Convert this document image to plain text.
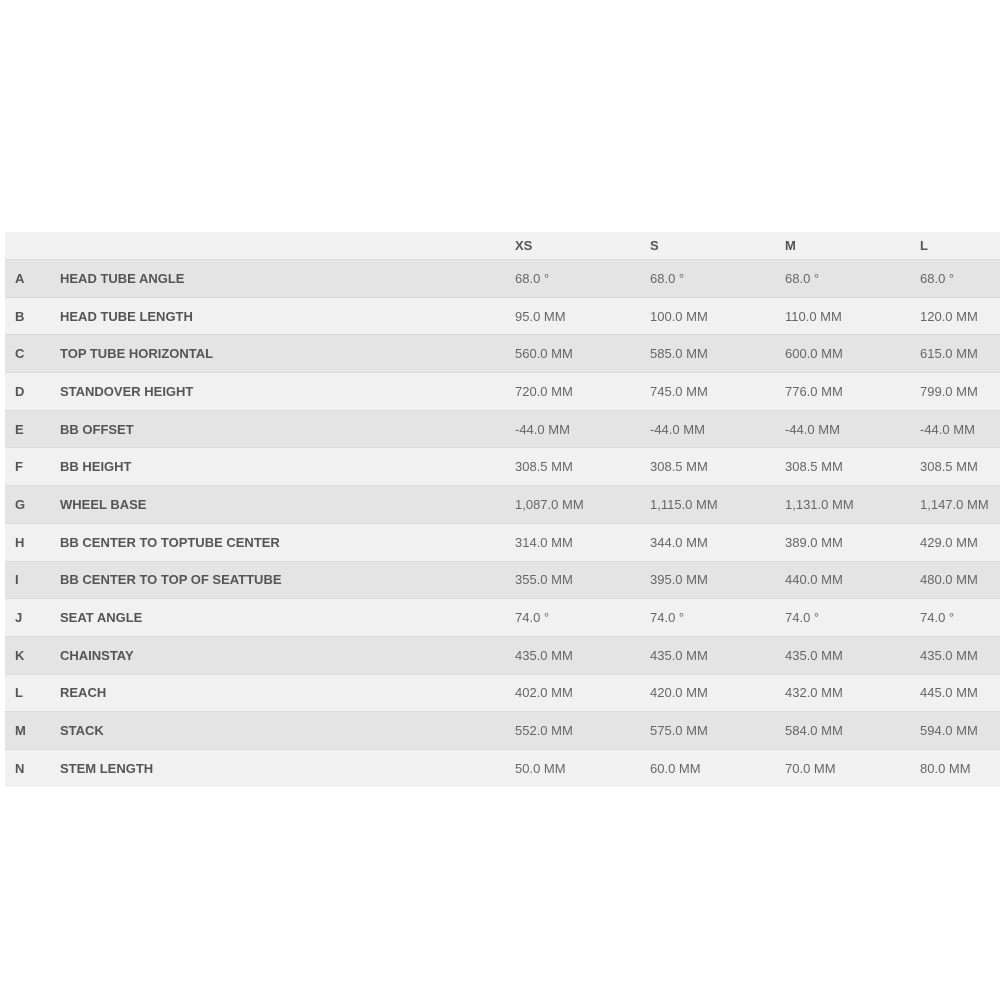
		XS	S	M	L
A	HEAD TUBE ANGLE	68.0 °	68.0 °	68.0 °	68.0 °
B	HEAD TUBE LENGTH	95.0 MM	100.0 MM	110.0 MM	120.0 MM
C	TOP TUBE HORIZONTAL	560.0 MM	585.0 MM	600.0 MM	615.0 MM
D	STANDOVER HEIGHT	720.0 MM	745.0 MM	776.0 MM	799.0 MM
E	BB OFFSET	-44.0 MM	-44.0 MM	-44.0 MM	-44.0 MM
F	BB HEIGHT	308.5 MM	308.5 MM	308.5 MM	308.5 MM
G	WHEEL BASE	1,087.0 MM	1,115.0 MM	1,131.0 MM	1,147.0 MM
H	BB CENTER TO TOPTUBE CENTER	314.0 MM	344.0 MM	389.0 MM	429.0 MM
I	BB CENTER TO TOP OF SEATTUBE	355.0 MM	395.0 MM	440.0 MM	480.0 MM
J	SEAT ANGLE	74.0 °	74.0 °	74.0 °	74.0 °
K	CHAINSTAY	435.0 MM	435.0 MM	435.0 MM	435.0 MM
L	REACH	402.0 MM	420.0 MM	432.0 MM	445.0 MM
M	STACK	552.0 MM	575.0 MM	584.0 MM	594.0 MM
N	STEM LENGTH	50.0 MM	60.0 MM	70.0 MM	80.0 MM
